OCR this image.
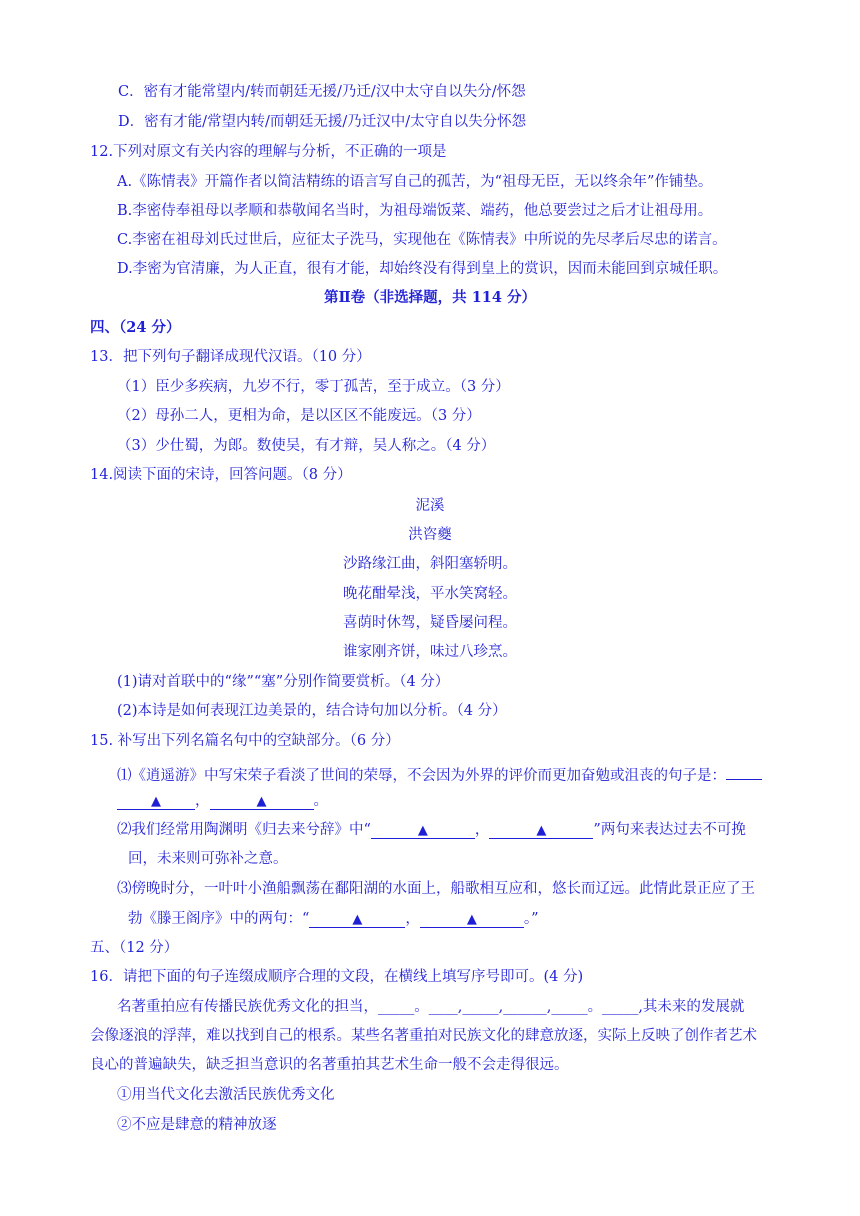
C．密有才能常望内/转而朝廷无援/乃迁/汉中太守自以失分/怀怨
D．密有才能/常望内转/而朝廷无援/乃迁汉中/太守自以失分怀怨
12.下列对原文有关内容的理解与分析，不正确的一项是
A.《陈情表》开篇作者以简洁精练的语言写自己的孤苦，为“祖母无臣，无以终余年”作铺垫。
B.李密侍奉祖母以孝顺和恭敬闻名当时，为祖母端饭菜、端药，他总要尝过之后才让祖母用。
C.李密在祖母刘氏过世后，应征太子洗马，实现他在《陈情表》中所说的先尽孝后尽忠的诺言。
D.李密为官清廉，为人正直，很有才能，却始终没有得到皇上的赏识，因而未能回到京城任职。
第Ⅱ卷（非选择题，共 114 分）
四、（24 分）
13．把下列句子翻译成现代汉语。（10 分）
（1）臣少多疾病，九岁不行，零丁孤苦，至于成立。（3 分）
（2）母孙二人，更相为命，是以区区不能废远。（3 分）
（3）少仕蜀，为郎。数使吴，有才辩，吴人称之。（4 分）
14.阅读下面的宋诗，回答问题。（8 分）
泥溪
洪咨夔
沙路缘江曲，斜阳塞轿明。
晚花酣晕浅，平水笑窝轻。
喜荫时休驾，疑昏屡问程。
谁家刚齐饼，味过八珍烹。
(1)请对首联中的“缘”“塞”分别作简要赏析。（4 分）
(2)本诗是如何表现江边美景的，结合诗句加以分析。（4 分）
15. 补写出下列名篇名句中的空缺部分。（6 分）
⑴《逍遥游》中写宋荣子看淡了世间的荣辱，不会因为外界的评价而更加奋勉或沮丧的句子是：
▲ ，	▲	。
⑵我们经常用陶渊明《归去来兮辞》中“	▲	，	▲	”两句来表达过去不可挽
回，未来则可弥补之意。
⑶傍晚时分，一叶叶小渔船飘荡在鄱阳湖的水面上，船歌相互应和，悠长而辽远。此情此景正应了王
勃《滕王阁序》中的两句：“	▲	，	▲	。”
五、（12 分）
16．请把下面的句子连缀成顺序合理的文段，在横线上填写序号即可。(4 分)
名著重拍应有传播民族优秀文化的担当，_____。____,_____,______,_____。_____,其未来的发展就
会像逐浪的浮萍，难以找到自己的根系。某些名著重拍对民族文化的肆意放逐，实际上反映了创作者艺术
良心的普遍缺失，缺乏担当意识的名著重拍其艺术生命一般不会走得很远。
①用当代文化去激活民族优秀文化
②不应是肆意的精神放逐
